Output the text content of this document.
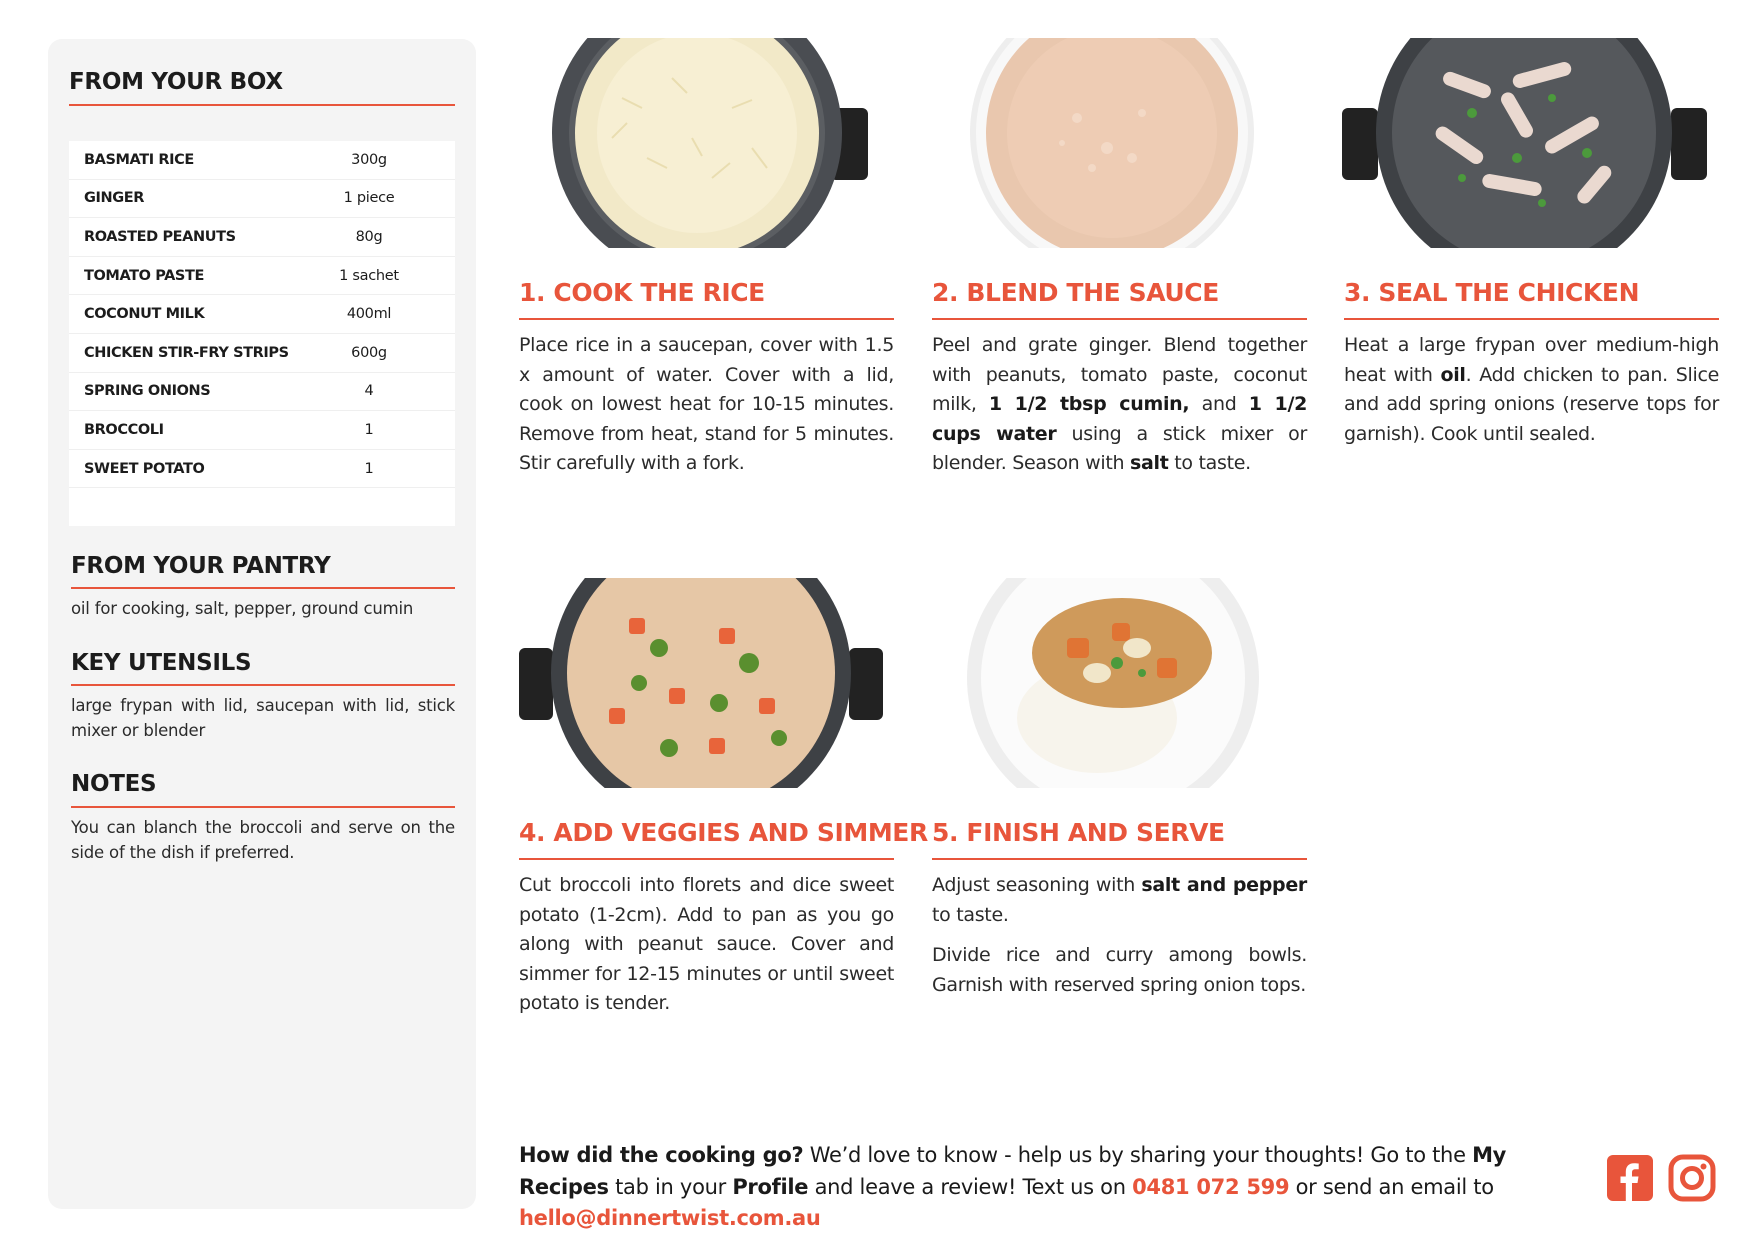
FROM YOUR BOX
BASMATI RICE	300g
GINGER	1 piece
ROASTED PEANUTS	80g
TOMATO PASTE	1 sachet
COCONUT MILK	400ml
CHICKEN STIR-FRY STRIPS	600g
SPRING ONIONS	4
BROCCOLI	1
SWEET POTATO	1
FROM YOUR PANTRY
oil for cooking, salt, pepper, ground cumin
KEY UTENSILS
large frypan with lid, saucepan with lid, stick mixer or blender
NOTES
You can blanch the broccoli and serve on the side of the dish if preferred.
1. COOK THE RICE
Place rice in a saucepan, cover with 1.5 x amount of water. Cover with a lid, cook on lowest heat for 10-15 minutes. Remove from heat, stand for 5 minutes. Stir carefully with a fork.
2. BLEND THE SAUCE
Peel and grate ginger. Blend together with peanuts, tomato paste, coconut milk, 1 1/2 tbsp cumin, and 1 1/2 cups water using a stick mixer or blender. Season with salt to taste.
3. SEAL THE CHICKEN
Heat a large frypan over medium-high heat with oil. Add chicken to pan. Slice and add spring onions (reserve tops for garnish). Cook until sealed.
4. ADD VEGGIES AND SIMMER
Cut broccoli into florets and dice sweet potato (1-2cm). Add to pan as you go along with peanut sauce. Cover and simmer for 12-15 minutes or until sweet potato is tender.
5. FINISH AND SERVE
Adjust seasoning with salt and pepper to taste.
Divide rice and curry among bowls. Garnish with reserved spring onion tops.
How did the cooking go? We’d love to know - help us by sharing your thoughts! Go to the My Recipes tab in your Profile and leave a review! Text us on 0481 072 599 or send an email to hello@dinnertwist.com.au
